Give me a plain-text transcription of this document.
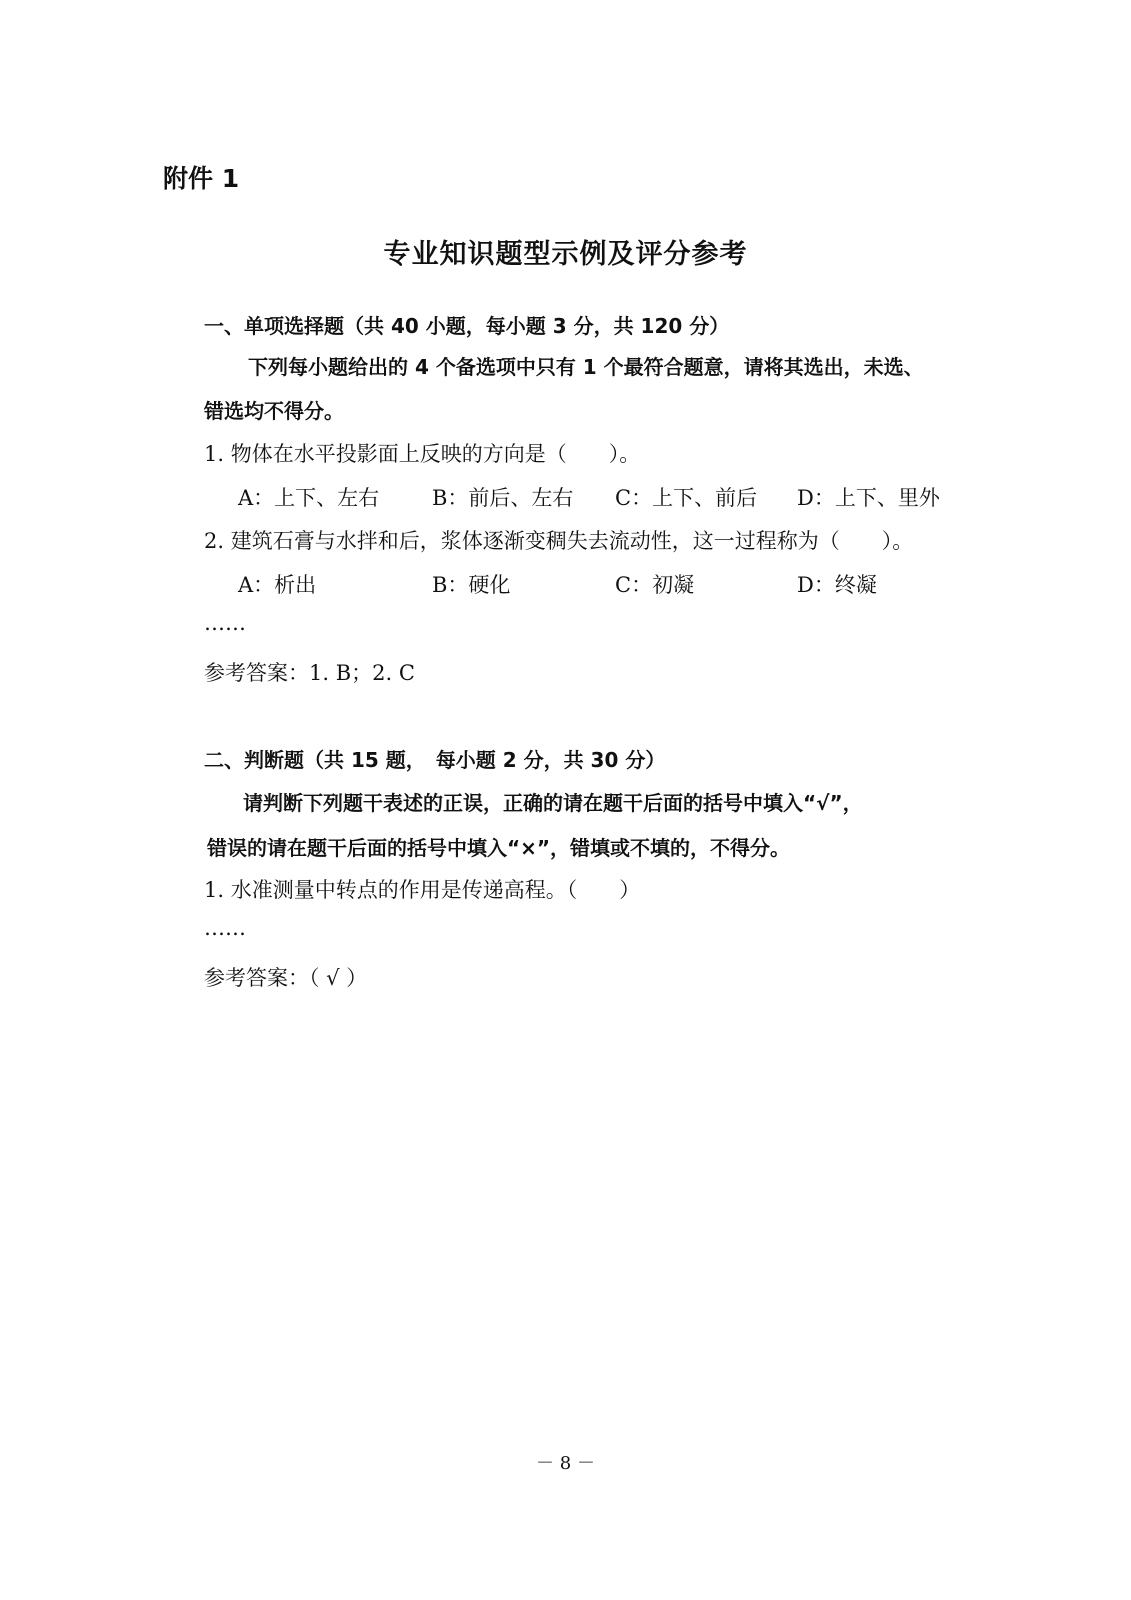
附件 1
专业知识题型示例及评分参考
一、单项选择题（共 40 小题，每小题 3 分，共 120 分）
下列每小题给出的 4 个备选项中只有 1 个最符合题意，请将其选出，未选、
错选均不得分。
1. 物体在水平投影面上反映的方向是（　　）。
A：上下、左右	B：前后、左右 C：上下、前后 D：上下、里外
2. 建筑石膏与水拌和后，浆体逐渐变稠失去流动性，这一过程称为（　　）。
A：析出	B：硬化	C：初凝	D：终凝
……
参考答案：1. B；2. C
二、判断题（共 15 题，　每小题 2 分，共 30 分）
请判断下列题干表述的正误，正确的请在题干后面的括号中填入“√”，
错误的请在题干后面的括号中填入“×”，错填或不填的，不得分。
1. 水准测量中转点的作用是传递高程。（　　）
……
参考答案：（ √ ）
－ 8 －
